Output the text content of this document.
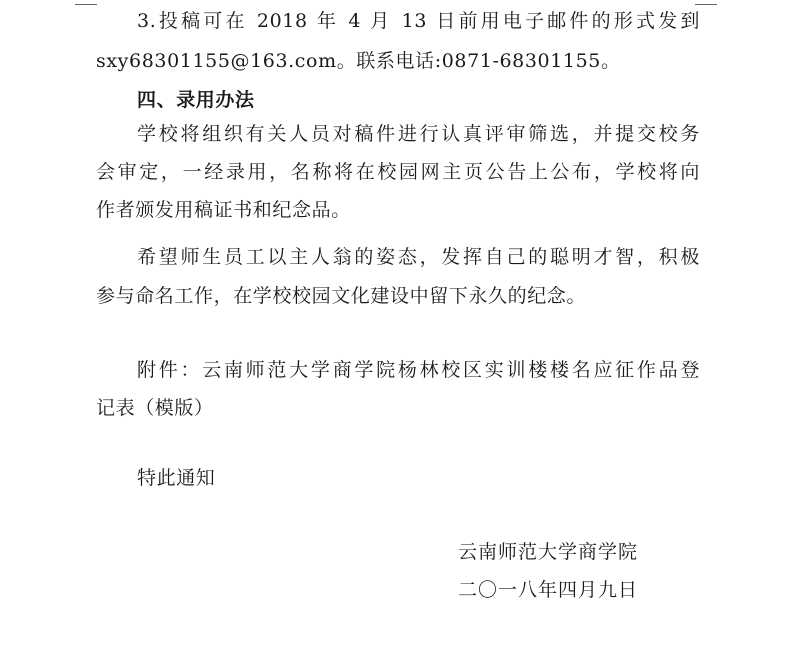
3.投稿可在 2018 年 4 月 13 日前用电子邮件的形式发到
sxy68301155@163.com。联系电话:0871-68301155。
四、录用办法
学校将组织有关人员对稿件进行认真评审筛选，并提交校务
会审定，一经录用，名称将在校园网主页公告上公布，学校将向
作者颁发用稿证书和纪念品。
希望师生员工以主人翁的姿态，发挥自己的聪明才智，积极
参与命名工作，在学校校园文化建设中留下永久的纪念。
附件：云南师范大学商学院杨林校区实训楼楼名应征作品登
记表（模版）
特此通知
云南师范大学商学院
二〇一八年四月九日
